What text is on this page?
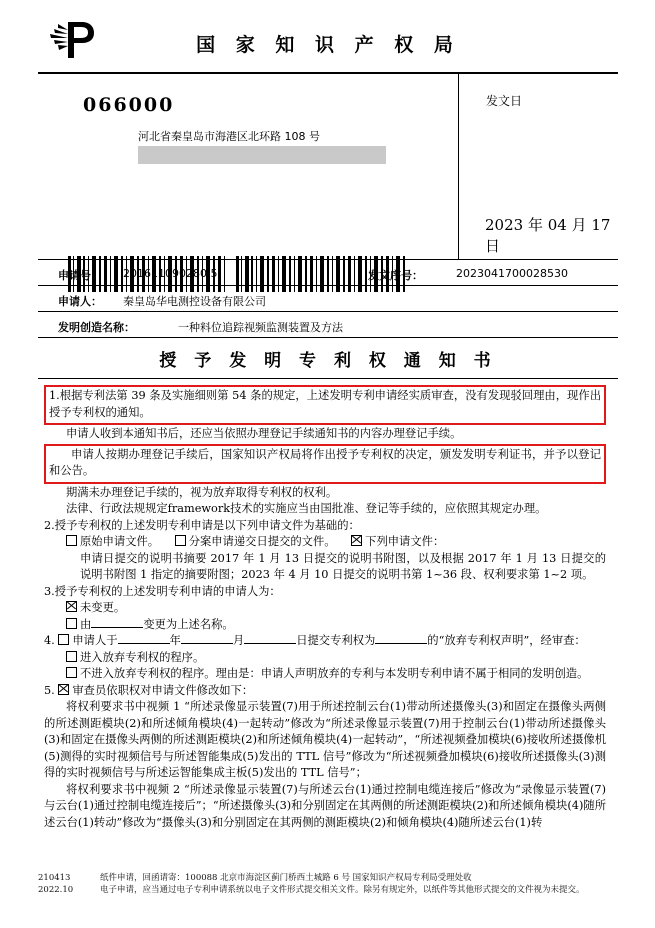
国 家 知 识 产 权 局
066000
河北省秦皇岛市海港区北环路 108 号
发文日
2023 年 04 月 17 日
申请号： 201611090280.5	发文序号：	2023041700028530
申请人： 秦皇岛华电测控设备有限公司
发明创造名称：	一种料位追踪视频监测装置及方法
授 予 发 明 专 利 权 通 知 书

1.根据专利法第 39 条及实施细则第 54 条的规定，上述发明专利申请经实质审查，没有发现驳回理由，现作出授予专利权的通知。

申请人收到本通知书后，还应当依照办理登记手续通知书的内容办理登记手续。

申请人按期办理登记手续后，国家知识产权局将作出授予专利权的决定，颁发发明专利证书，并予以登记和公告。

期满未办理登记手续的，视为放弃取得专利权的权利。

法律、行政法规规定framework技术的实施应当由国批准、登记等手续的，应依照其规定办理。

2.授予专利权的上述发明专利申请是以下列申请文件为基础的：

原始申请文件。	分案申请递交日提交的文件。	下列申请文件：

申请日提交的说明书摘要 2017 年 1 月 13 日提交的说明书附图，以及根据 2017 年 1 月 13 日提交的说明书附图 1 指定的摘要附图；2023 年 4 月 10 日提交的说明书第 1~36 段、权利要求第 1~2 项。

3.授予专利权的上述发明专利申请的申请人为：

未变更。

由	变更为上述名称。

4. 申请人于	年	月	日提交专利权为	的“放弃专利权声明”，经审查：

进入放弃专利权的程序。

不进入放弃专利权的程序。理由是：申请人声明放弃的专利与本发明专利申请不属于相同的发明创造。

5. 审查员依职权对申请文件修改如下：

将权利要求书中视频 1 “所述录像显示装置(7)用于所述控制云台(1)带动所述摄像头(3)和固定在摄像头两侧的所述测距模块(2)和所述倾角模块(4)一起转动”修改为“所述录像显示装置(7)用于控制云台(1)带动所述摄像头(3)和固定在摄像头两侧的所述测距模块(2)和所述倾角模块(4)一起转动”，“所述视频叠加模块(6)接收所述摄像机(5)测得的实时视频信号与所述智能集成(5)发出的 TTL 信号”修改为“所述视频叠加模块(6)接收所述摄像头(3)测得的实时视频信号与所述运智能集成主板(5)发出的 TTL 信号”；

将权利要求书中视频 2 “所述录像显示装置(7)与所述云台(1)通过控制电缆连接后”修改为“录像显示装置(7)与云台(1)通过控制电缆连接后”；“所述摄像头(3)和分别固定在其两侧的所述测距模块(2)和所述倾角模块(4)随所述云台(1)转动”修改为“摄像头(3)和分别固定在其两侧的测距模块(2)和倾角模块(4)随所述云台(1)转

210413
2022.10
纸件申请，回函请寄：100088 北京市海淀区蓟门桥西土城路 6 号 国家知识产权局专利局受理处收
电子申请，应当通过电子专利申请系统以电子文件形式提交相关文件。除另有规定外，以纸件等其他形式提交的文件视为未提交。
